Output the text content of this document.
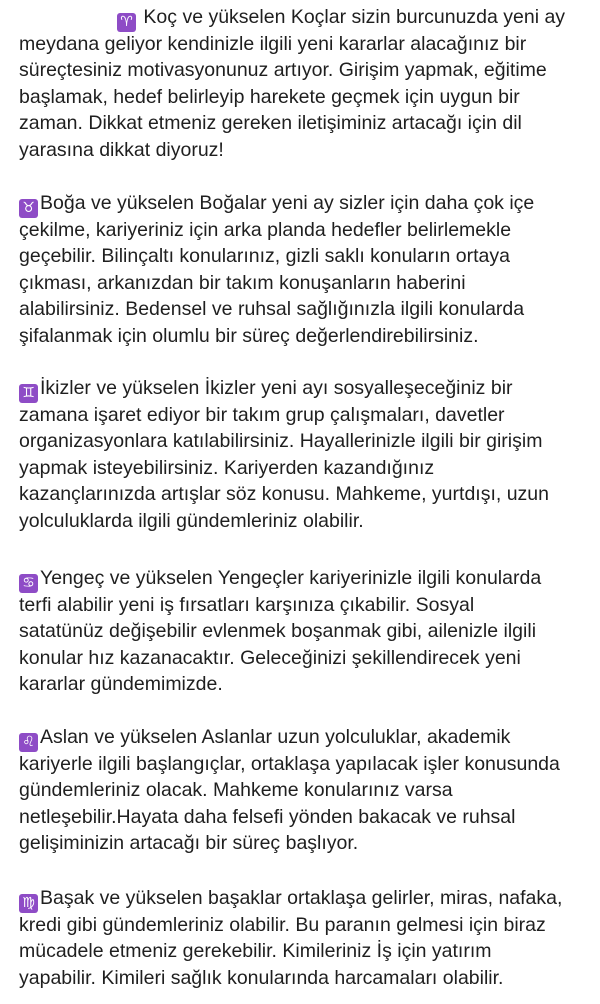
♈ Koç ve yükselen Koçlar sizin burcunuzda yeni ay
meydana geliyor kendinizle ilgili yeni kararlar alacağınız bir
süreçtesiniz motivasyonunuz artıyor. Girişim yapmak, eğitime
başlamak, hedef belirleyip harekete geçmek için uygun bir
zaman. Dikkat etmeniz gereken iletişiminiz artacağı için dil
yarasına dikkat diyoruz!
♉ Boğa ve yükselen Boğalar yeni ay sizler için daha çok içe
çekilme, kariyeriniz için arka planda hedefler belirlemekle
geçebilir. Bilinçaltı konularınız, gizli saklı konuların ortaya
çıkması, arkanızdan bir takım konuşanların haberini
alabilirsiniz. Bedensel ve ruhsal sağlığınızla ilgili konularda
şifalanmak için olumlu bir süreç değerlendirebilirsiniz.
♊ İkizler ve yükselen İkizler yeni ayı sosyalleşeceğiniz bir
zamana işaret ediyor bir takım grup çalışmaları, davetler
organizasyonlara katılabilirsiniz. Hayallerinizle ilgili bir girişim
yapmak isteyebilirsiniz. Kariyerden kazandığınız
kazançlarınızda artışlar söz konusu. Mahkeme, yurtdışı, uzun
yolculuklarda ilgili gündemleriniz olabilir.
♋ Yengeç ve yükselen Yengeçler kariyerinizle ilgili konularda
terfi alabilir yeni iş fırsatları karşınıza çıkabilir. Sosyal
satatünüz değişebilir evlenmek boşanmak gibi, ailenizle ilgili
konular hız kazanacaktır. Geleceğinizi şekillendirecek yeni
kararlar gündemimizde.
♌ Aslan ve yükselen Aslanlar uzun yolculuklar, akademik
kariyerle ilgili başlangıçlar, ortaklaşa yapılacak işler konusunda
gündemleriniz olacak. Mahkeme konularınız varsa
netleşebilir.Hayata daha felsefi yönden bakacak ve ruhsal
gelişiminizin artacağı bir süreç başlıyor.
♍ Başak ve yükselen başaklar ortaklaşa gelirler, miras, nafaka,
kredi gibi gündemleriniz olabilir. Bu paranın gelmesi için biraz
mücadele etmeniz gerekebilir. Kimileriniz İş için yatırım
yapabilir. Kimileri sağlık konularında harcamaları olabilir.
